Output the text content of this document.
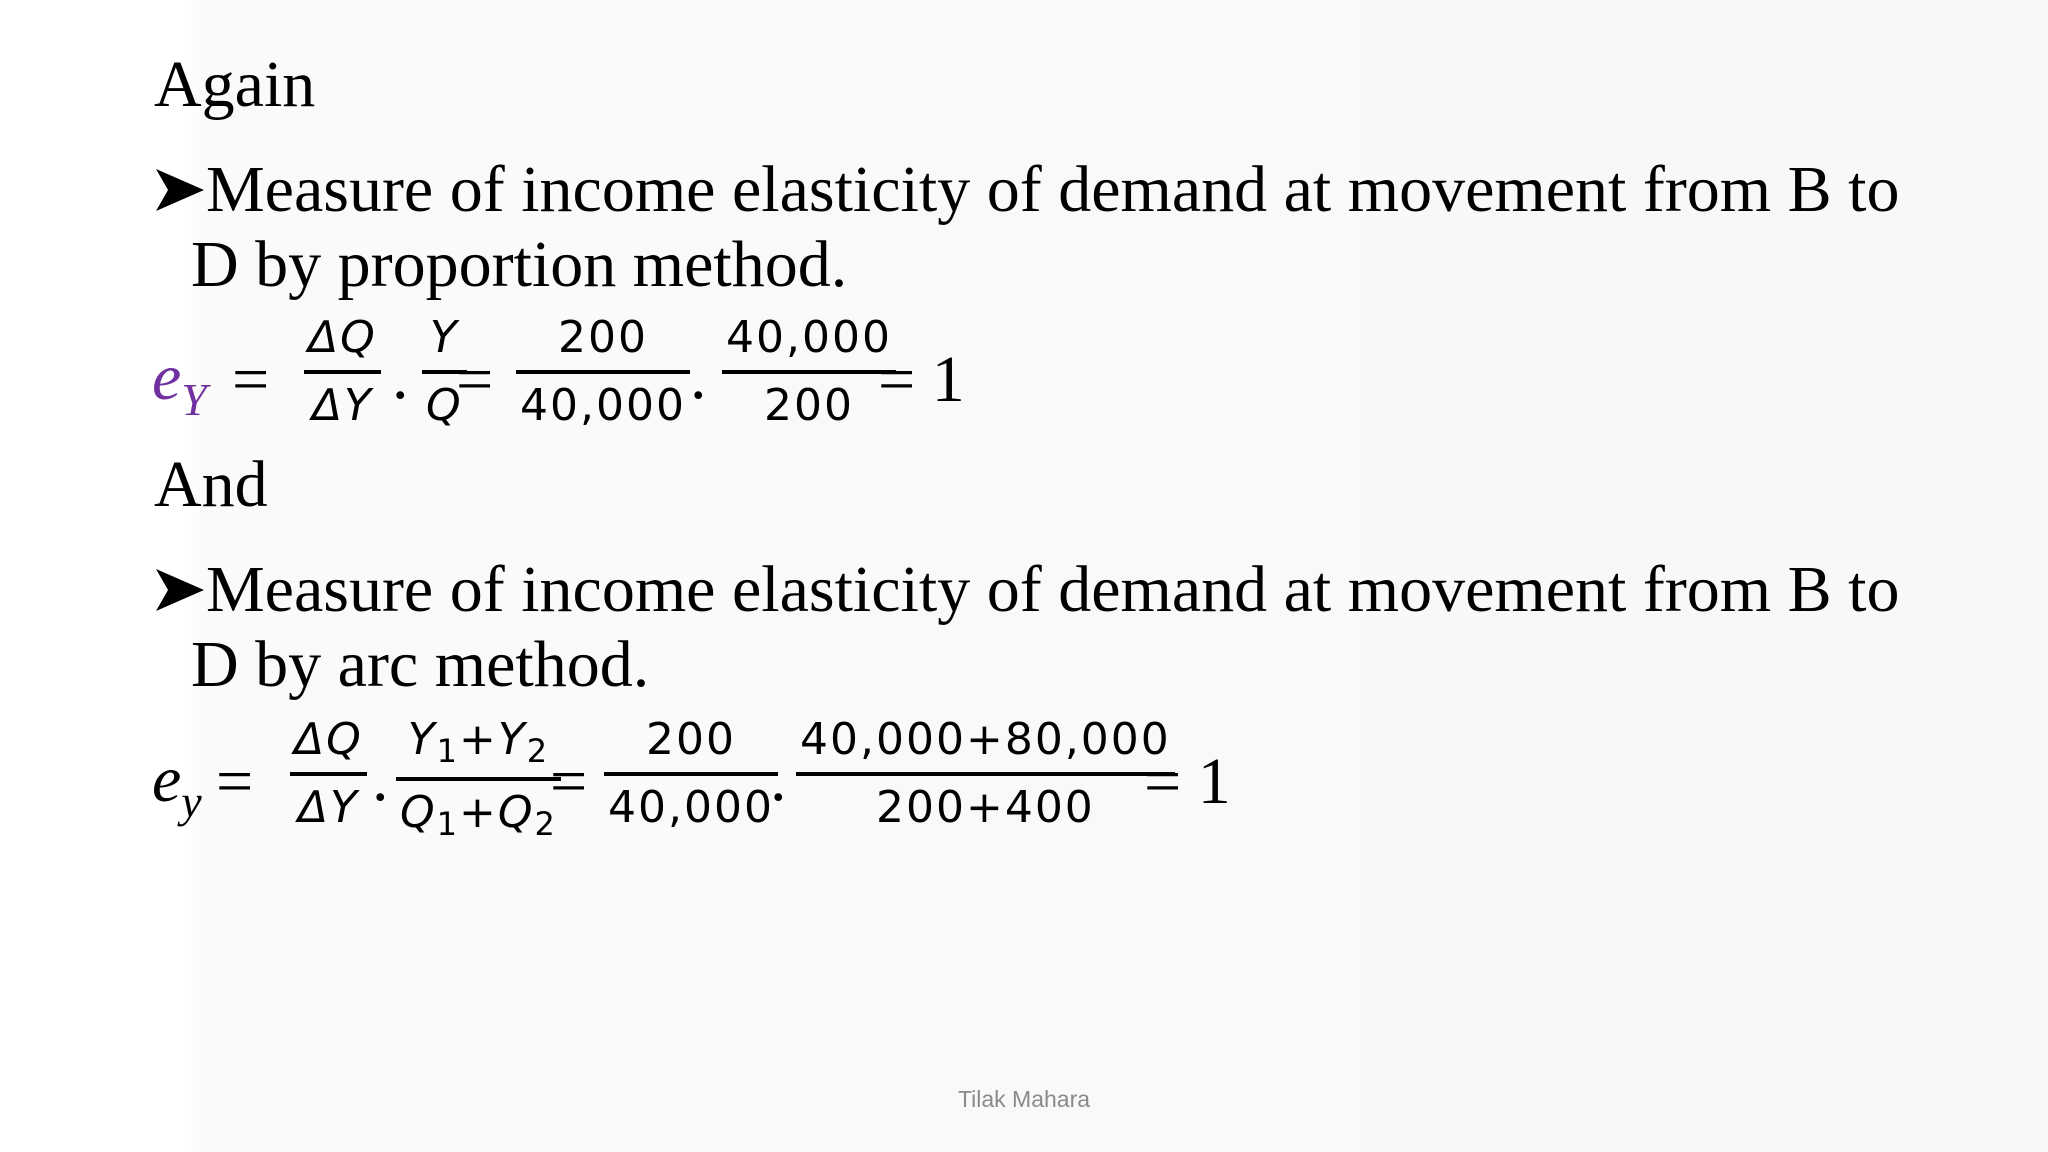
Again
Measure of income elasticity of demand at movement from B to
D by proportion method.
$e_Y$ =
ΔQ
ΔY .
Y
Q
=
200
40,000 .
40,000
200 = 1
And
Measure of income elasticity of demand at movement from B to
D by arc method.
$e_y$ =
ΔQ
ΔY .
Y1+Y2
Q1+Q2
=
200
40,000
.
40,000+80,000
200+400 = 1
Tilak Mahara
